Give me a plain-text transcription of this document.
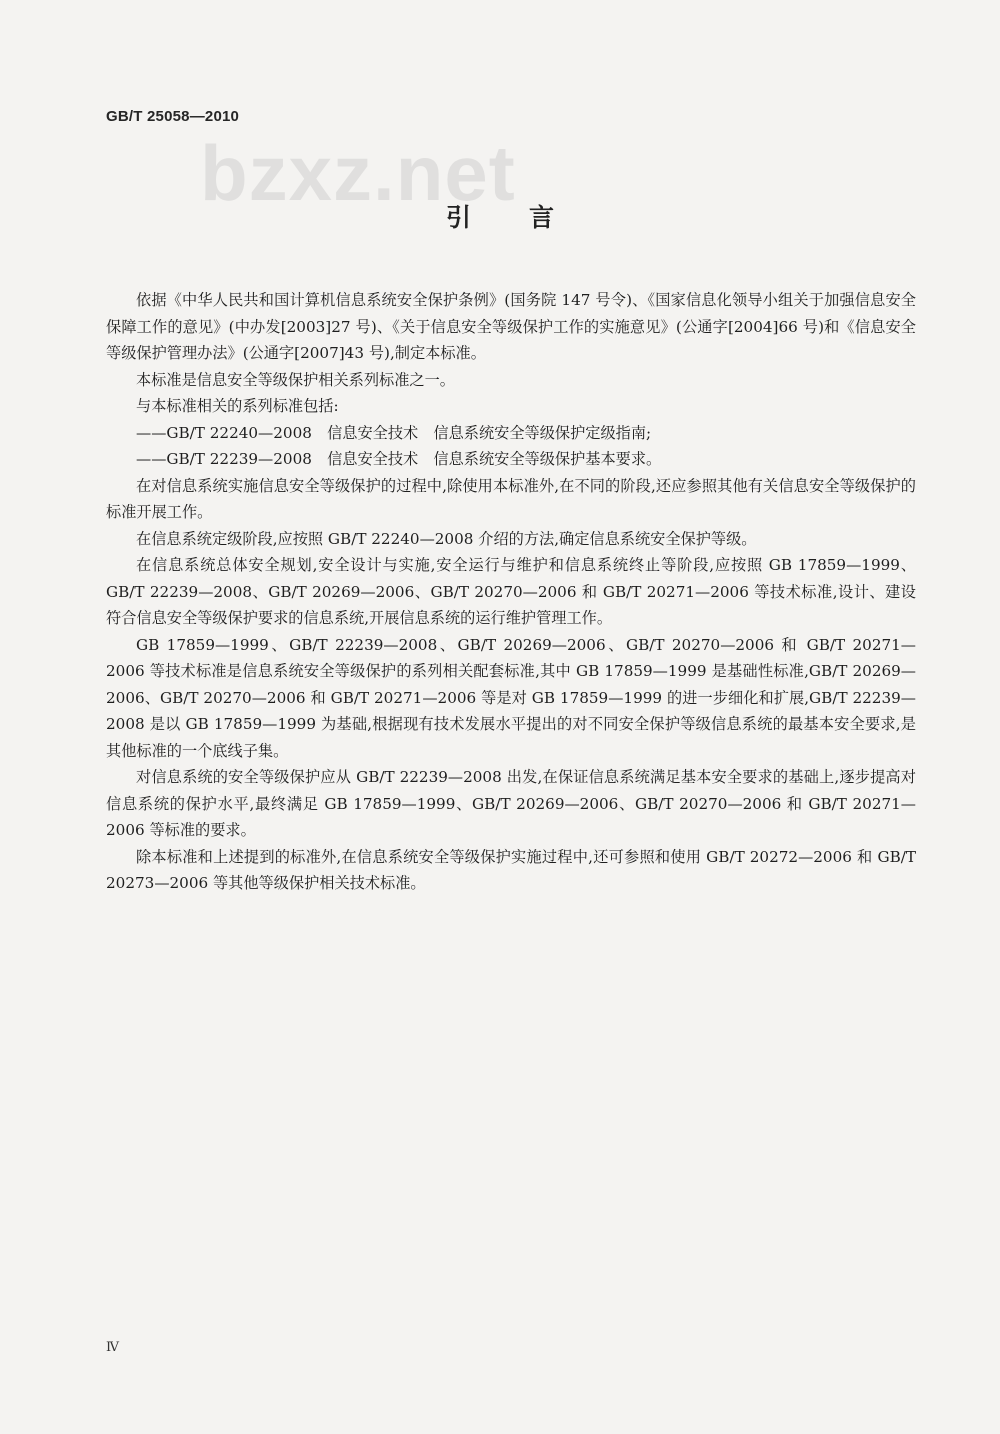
GB/T 25058—2010
bzxz.net
引言

依据《中华人民共和国计算机信息系统安全保护条例》(国务院 147 号令)、《国家信息化领导小组关于加强信息安全保障工作的意见》(中办发[2003]27 号)、《关于信息安全等级保护工作的实施意见》(公通字[2004]66 号)和《信息安全等级保护管理办法》(公通字[2007]43 号),制定本标准。

本标准是信息安全等级保护相关系列标准之一。

与本标准相关的系列标准包括:

——GB/T 22240—2008　信息安全技术　信息系统安全等级保护定级指南;

——GB/T 22239—2008　信息安全技术　信息系统安全等级保护基本要求。

在对信息系统实施信息安全等级保护的过程中,除使用本标准外,在不同的阶段,还应参照其他有关信息安全等级保护的标准开展工作。

在信息系统定级阶段,应按照 GB/T 22240—2008 介绍的方法,确定信息系统安全保护等级。

在信息系统总体安全规划,安全设计与实施,安全运行与维护和信息系统终止等阶段,应按照 GB 17859—1999、GB/T 22239—2008、GB/T 20269—2006、GB/T 20270—2006 和 GB/T 20271—2006 等技术标准,设计、建设符合信息安全等级保护要求的信息系统,开展信息系统的运行维护管理工作。

GB 17859—1999、GB/T 22239—2008、GB/T 20269—2006、GB/T 20270—2006 和 GB/T 20271—2006 等技术标准是信息系统安全等级保护的系列相关配套标准,其中 GB 17859—1999 是基础性标准,GB/T 20269—2006、GB/T 20270—2006 和 GB/T 20271—2006 等是对 GB 17859—1999 的进一步细化和扩展,GB/T 22239—2008 是以 GB 17859—1999 为基础,根据现有技术发展水平提出的对不同安全保护等级信息系统的最基本安全要求,是其他标准的一个底线子集。

对信息系统的安全等级保护应从 GB/T 22239—2008 出发,在保证信息系统满足基本安全要求的基础上,逐步提高对信息系统的保护水平,最终满足 GB 17859—1999、GB/T 20269—2006、GB/T 20270—2006 和 GB/T 20271—2006 等标准的要求。

除本标准和上述提到的标准外,在信息系统安全等级保护实施过程中,还可参照和使用 GB/T 20272—2006 和 GB/T 20273—2006 等其他等级保护相关技术标准。

Ⅳ
